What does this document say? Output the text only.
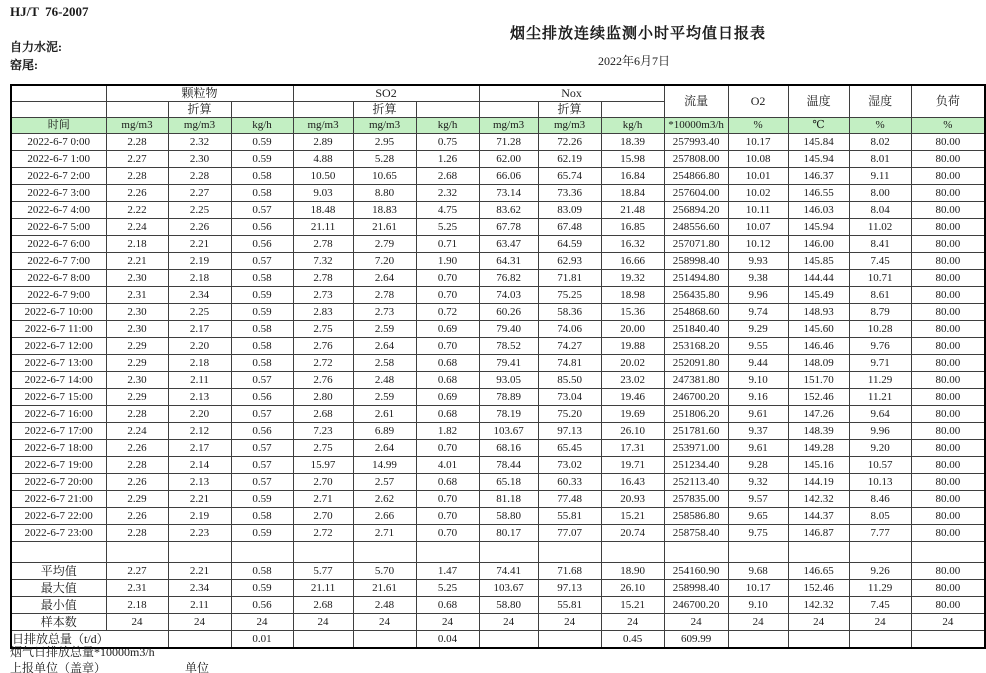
HJ/T  76-2007
烟尘排放连续监测小时平均值日报表
自力水泥:
窑尾:	2022年6月7日
	颗粒物			SO2			Nox			流量	O2	温度	湿度	负荷
		折算			折算			折算						
时间	mg/m3	mg/m3	kg/h	mg/m3	mg/m3	kg/h	mg/m3	mg/m3	kg/h	*10000m3/h	%	℃	%	%
2022-6-7 0:00	2.28	2.32	0.59	2.89	2.95	0.75	71.28	72.26	18.39	257993.40	10.17	145.84	8.02	80.00
2022-6-7 1:00	2.27	2.30	0.59	4.88	5.28	1.26	62.00	62.19	15.98	257808.00	10.08	145.94	8.01	80.00
2022-6-7 2:00	2.28	2.28	0.58	10.50	10.65	2.68	66.06	65.74	16.84	254866.80	10.01	146.37	9.11	80.00
2022-6-7 3:00	2.26	2.27	0.58	9.03	8.80	2.32	73.14	73.36	18.84	257604.00	10.02	146.55	8.00	80.00
2022-6-7 4:00	2.22	2.25	0.57	18.48	18.83	4.75	83.62	83.09	21.48	256894.20	10.11	146.03	8.04	80.00
2022-6-7 5:00	2.24	2.26	0.56	21.11	21.61	5.25	67.78	67.48	16.85	248556.60	10.07	145.94	11.02	80.00
2022-6-7 6:00	2.18	2.21	0.56	2.78	2.79	0.71	63.47	64.59	16.32	257071.80	10.12	146.00	8.41	80.00
2022-6-7 7:00	2.21	2.19	0.57	7.32	7.20	1.90	64.31	62.93	16.66	258998.40	9.93	145.85	7.45	80.00
2022-6-7 8:00	2.30	2.18	0.58	2.78	2.64	0.70	76.82	71.81	19.32	251494.80	9.38	144.44	10.71	80.00
2022-6-7 9:00	2.31	2.34	0.59	2.73	2.78	0.70	74.03	75.25	18.98	256435.80	9.96	145.49	8.61	80.00
2022-6-7 10:00	2.30	2.25	0.59	2.83	2.73	0.72	60.26	58.36	15.36	254868.60	9.74	148.93	8.79	80.00
2022-6-7 11:00	2.30	2.17	0.58	2.75	2.59	0.69	79.40	74.06	20.00	251840.40	9.29	145.60	10.28	80.00
2022-6-7 12:00	2.29	2.20	0.58	2.76	2.64	0.70	78.52	74.27	19.88	253168.20	9.55	146.46	9.76	80.00
2022-6-7 13:00	2.29	2.18	0.58	2.72	2.58	0.68	79.41	74.81	20.02	252091.80	9.44	148.09	9.71	80.00
2022-6-7 14:00	2.30	2.11	0.57	2.76	2.48	0.68	93.05	85.50	23.02	247381.80	9.10	151.70	11.29	80.00
2022-6-7 15:00	2.29	2.13	0.56	2.80	2.59	0.69	78.89	73.04	19.46	246700.20	9.16	152.46	11.21	80.00
2022-6-7 16:00	2.28	2.20	0.57	2.68	2.61	0.68	78.19	75.20	19.69	251806.20	9.61	147.26	9.64	80.00
2022-6-7 17:00	2.24	2.12	0.56	7.23	6.89	1.82	103.67	97.13	26.10	251781.60	9.37	148.39	9.96	80.00
2022-6-7 18:00	2.26	2.17	0.57	2.75	2.64	0.70	68.16	65.45	17.31	253971.00	9.61	149.28	9.20	80.00
2022-6-7 19:00	2.28	2.14	0.57	15.97	14.99	4.01	78.44	73.02	19.71	251234.40	9.28	145.16	10.57	80.00
2022-6-7 20:00	2.26	2.13	0.57	2.70	2.57	0.68	65.18	60.33	16.43	252113.40	9.32	144.19	10.13	80.00
2022-6-7 21:00	2.29	2.21	0.59	2.71	2.62	0.70	81.18	77.48	20.93	257835.00	9.57	142.32	8.46	80.00
2022-6-7 22:00	2.26	2.19	0.58	2.70	2.66	0.70	58.80	55.81	15.21	258586.80	9.65	144.37	8.05	80.00
2022-6-7 23:00	2.28	2.23	0.59	2.72	2.71	0.70	80.17	77.07	20.74	258758.40	9.75	146.87	7.77	80.00

平均值	2.27	2.21	0.58	5.77	5.70	1.47	74.41	71.68	18.90	254160.90	9.68	146.65	9.26	80.00
最大值	2.31	2.34	0.59	21.11	21.61	5.25	103.67	97.13	26.10	258998.40	10.17	152.46	11.29	80.00
最小值	2.18	2.11	0.56	2.68	2.48	0.68	58.80	55.81	15.21	246700.20	9.10	142.32	7.45	80.00
样本数	24	24	24	24	24	24	24	24	24	24	24	24	24	24
日排放总量（t/d）			0.01			0.04			0.45	609.99				
烟气日排放总量*10000m3/h
上报单位（盖章）	单位
